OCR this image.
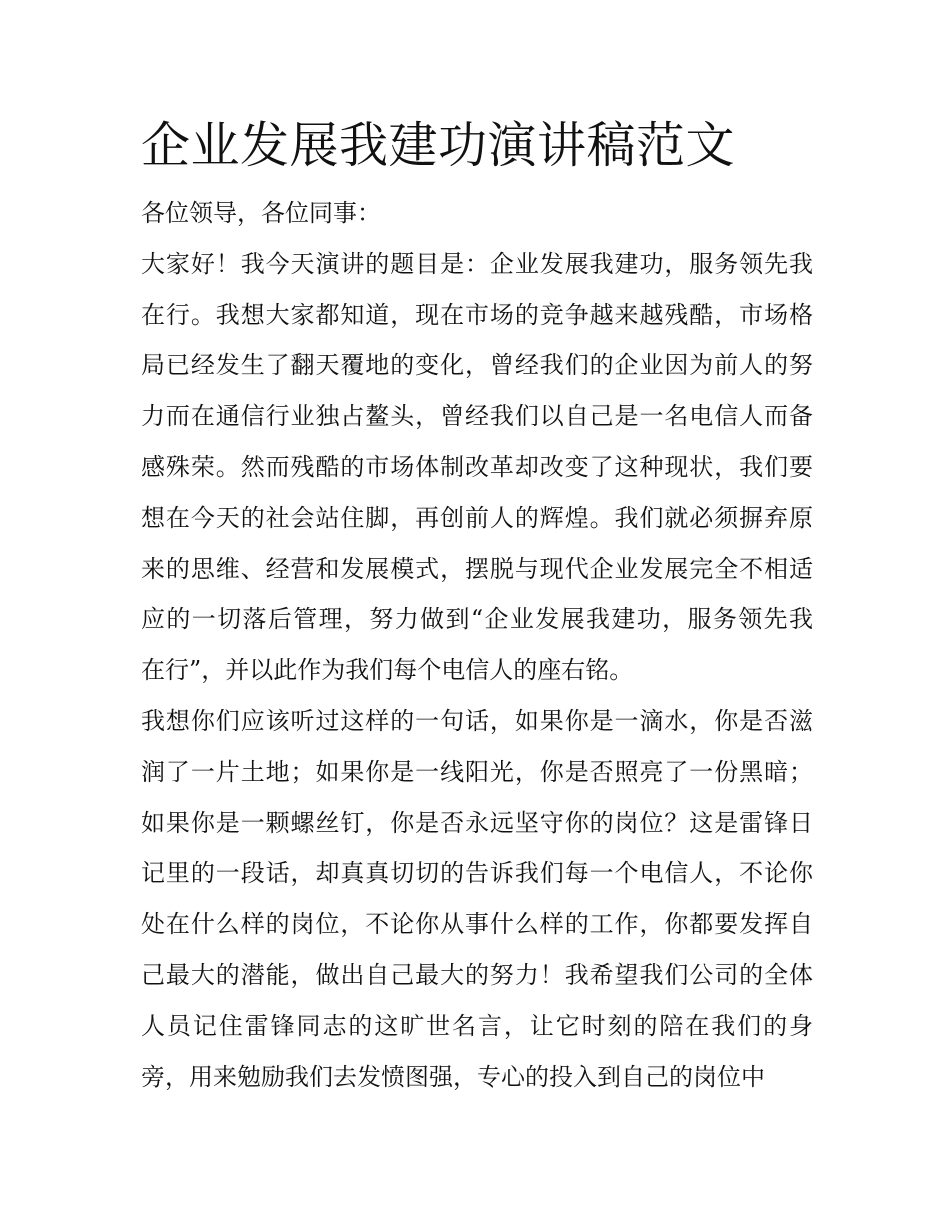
企业发展我建功演讲稿范文

各位领导，各位同事：

大家好！我今天演讲的题目是：企业发展我建功，服务领先我
在行。我想大家都知道，现在市场的竞争越来越残酷，市场格
局已经发生了翻天覆地的变化，曾经我们的企业因为前人的努
力而在通信行业独占鳌头，曾经我们以自己是一名电信人而备
感殊荣。然而残酷的市场体制改革却改变了这种现状，我们要
想在今天的社会站住脚，再创前人的辉煌。我们就必须摒弃原
来的思维、经营和发展模式，摆脱与现代企业发展完全不相适
应的一切落后管理，努力做到“企业发展我建功，服务领先我
在行”，并以此作为我们每个电信人的座右铭。
我想你们应该听过这样的一句话，如果你是一滴水，你是否滋
润了一片土地；如果你是一线阳光，你是否照亮了一份黑暗；
如果你是一颗螺丝钉，你是否永远坚守你的岗位？这是雷锋日
记里的一段话，却真真切切的告诉我们每一个电信人，不论你
处在什么样的岗位，不论你从事什么样的工作，你都要发挥自
己最大的潜能，做出自己最大的努力！我希望我们公司的全体
人员记住雷锋同志的这旷世名言，让它时刻的陪在我们的身
旁，用来勉励我们去发愤图强，专心的投入到自己的岗位中
